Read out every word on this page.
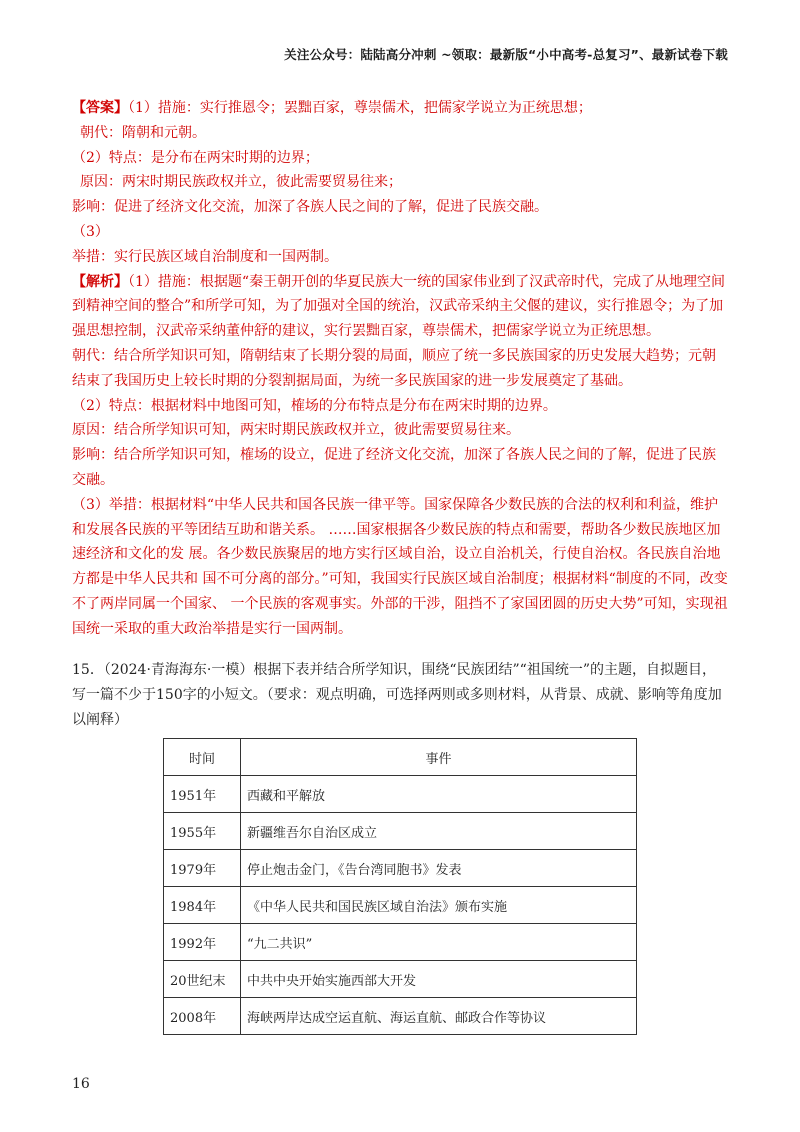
关注公众号：陆陆高分冲刺 ~领取：最新版“小中高考-总复习”、最新试卷下载

【答案】（1）措施：实行推恩令；罢黜百家，尊崇儒术，把儒家学说立为正统思想；

朝代：隋朝和元朝。

（2）特点：是分布在两宋时期的边界；

原因：两宋时期民族政权并立，彼此需要贸易往来；

影响：促进了经济文化交流，加深了各族人民之间的了解，促进了民族交融。

（3）

举措：实行民族区域自治制度和一国两制。

【解析】（1）措施：根据题“秦王朝开创的华夏民族大一统的国家伟业到了汉武帝时代，完成了从地理空间到精神空间的整合”和所学可知，为了加强对全国的统治，汉武帝采纳主父偃的建议，实行推恩令；为了加强思想控制，汉武帝采纳董仲舒的建议，实行罢黜百家，尊崇儒术，把儒家学说立为正统思想。

朝代：结合所学知识可知，隋朝结束了长期分裂的局面，顺应了统一多民族国家的历史发展大趋势；元朝结束了我国历史上较长时期的分裂割据局面，为统一多民族国家的进一步发展奠定了基础。

（2）特点：根据材料中地图可知，榷场的分布特点是分布在两宋时期的边界。

原因：结合所学知识可知，两宋时期民族政权并立，彼此需要贸易往来。

影响：结合所学知识可知，榷场的设立，促进了经济文化交流，加深了各族人民之间的了解，促进了民族交融。

（3）举措：根据材料“中华人民共和国各民族一律平等。国家保障各少数民族的合法的权利和利益，维护和发展各民族的平等团结互助和谐关系。 ……国家根据各少数民族的特点和需要，帮助各少数民族地区加速经济和文化的发 展。各少数民族聚居的地方实行区域自治，设立自治机关，行使自治权。各民族自治地方都是中华人民共和 国不可分离的部分。”可知，我国实行民族区域自治制度；根据材料“制度的不同，改变不了两岸同属一个国家、 一个民族的客观事实。外部的干涉，阻挡不了家国团圆的历史大势”可知，实现祖国统一采取的重大政治举措是实行一国两制。

15．（2024·青海海东·一模）根据下表并结合所学知识，围绕“民族团结”“祖国统一”的主题，自拟题目，写一篇不少于150字的小短文。（要求：观点明确，可选择两则或多则材料，从背景、成就、影响等角度加以阐释）

时间	事件
1951年	西藏和平解放
1955年	新疆维吾尔自治区成立
1979年	停止炮击金门，《告台湾同胞书》发表
1984年	《中华人民共和国民族区域自治法》颁布实施
1992年	“九二共识”
20世纪末	中共中央开始实施西部大开发
2008年	海峡两岸达成空运直航、海运直航、邮政合作等协议
16
